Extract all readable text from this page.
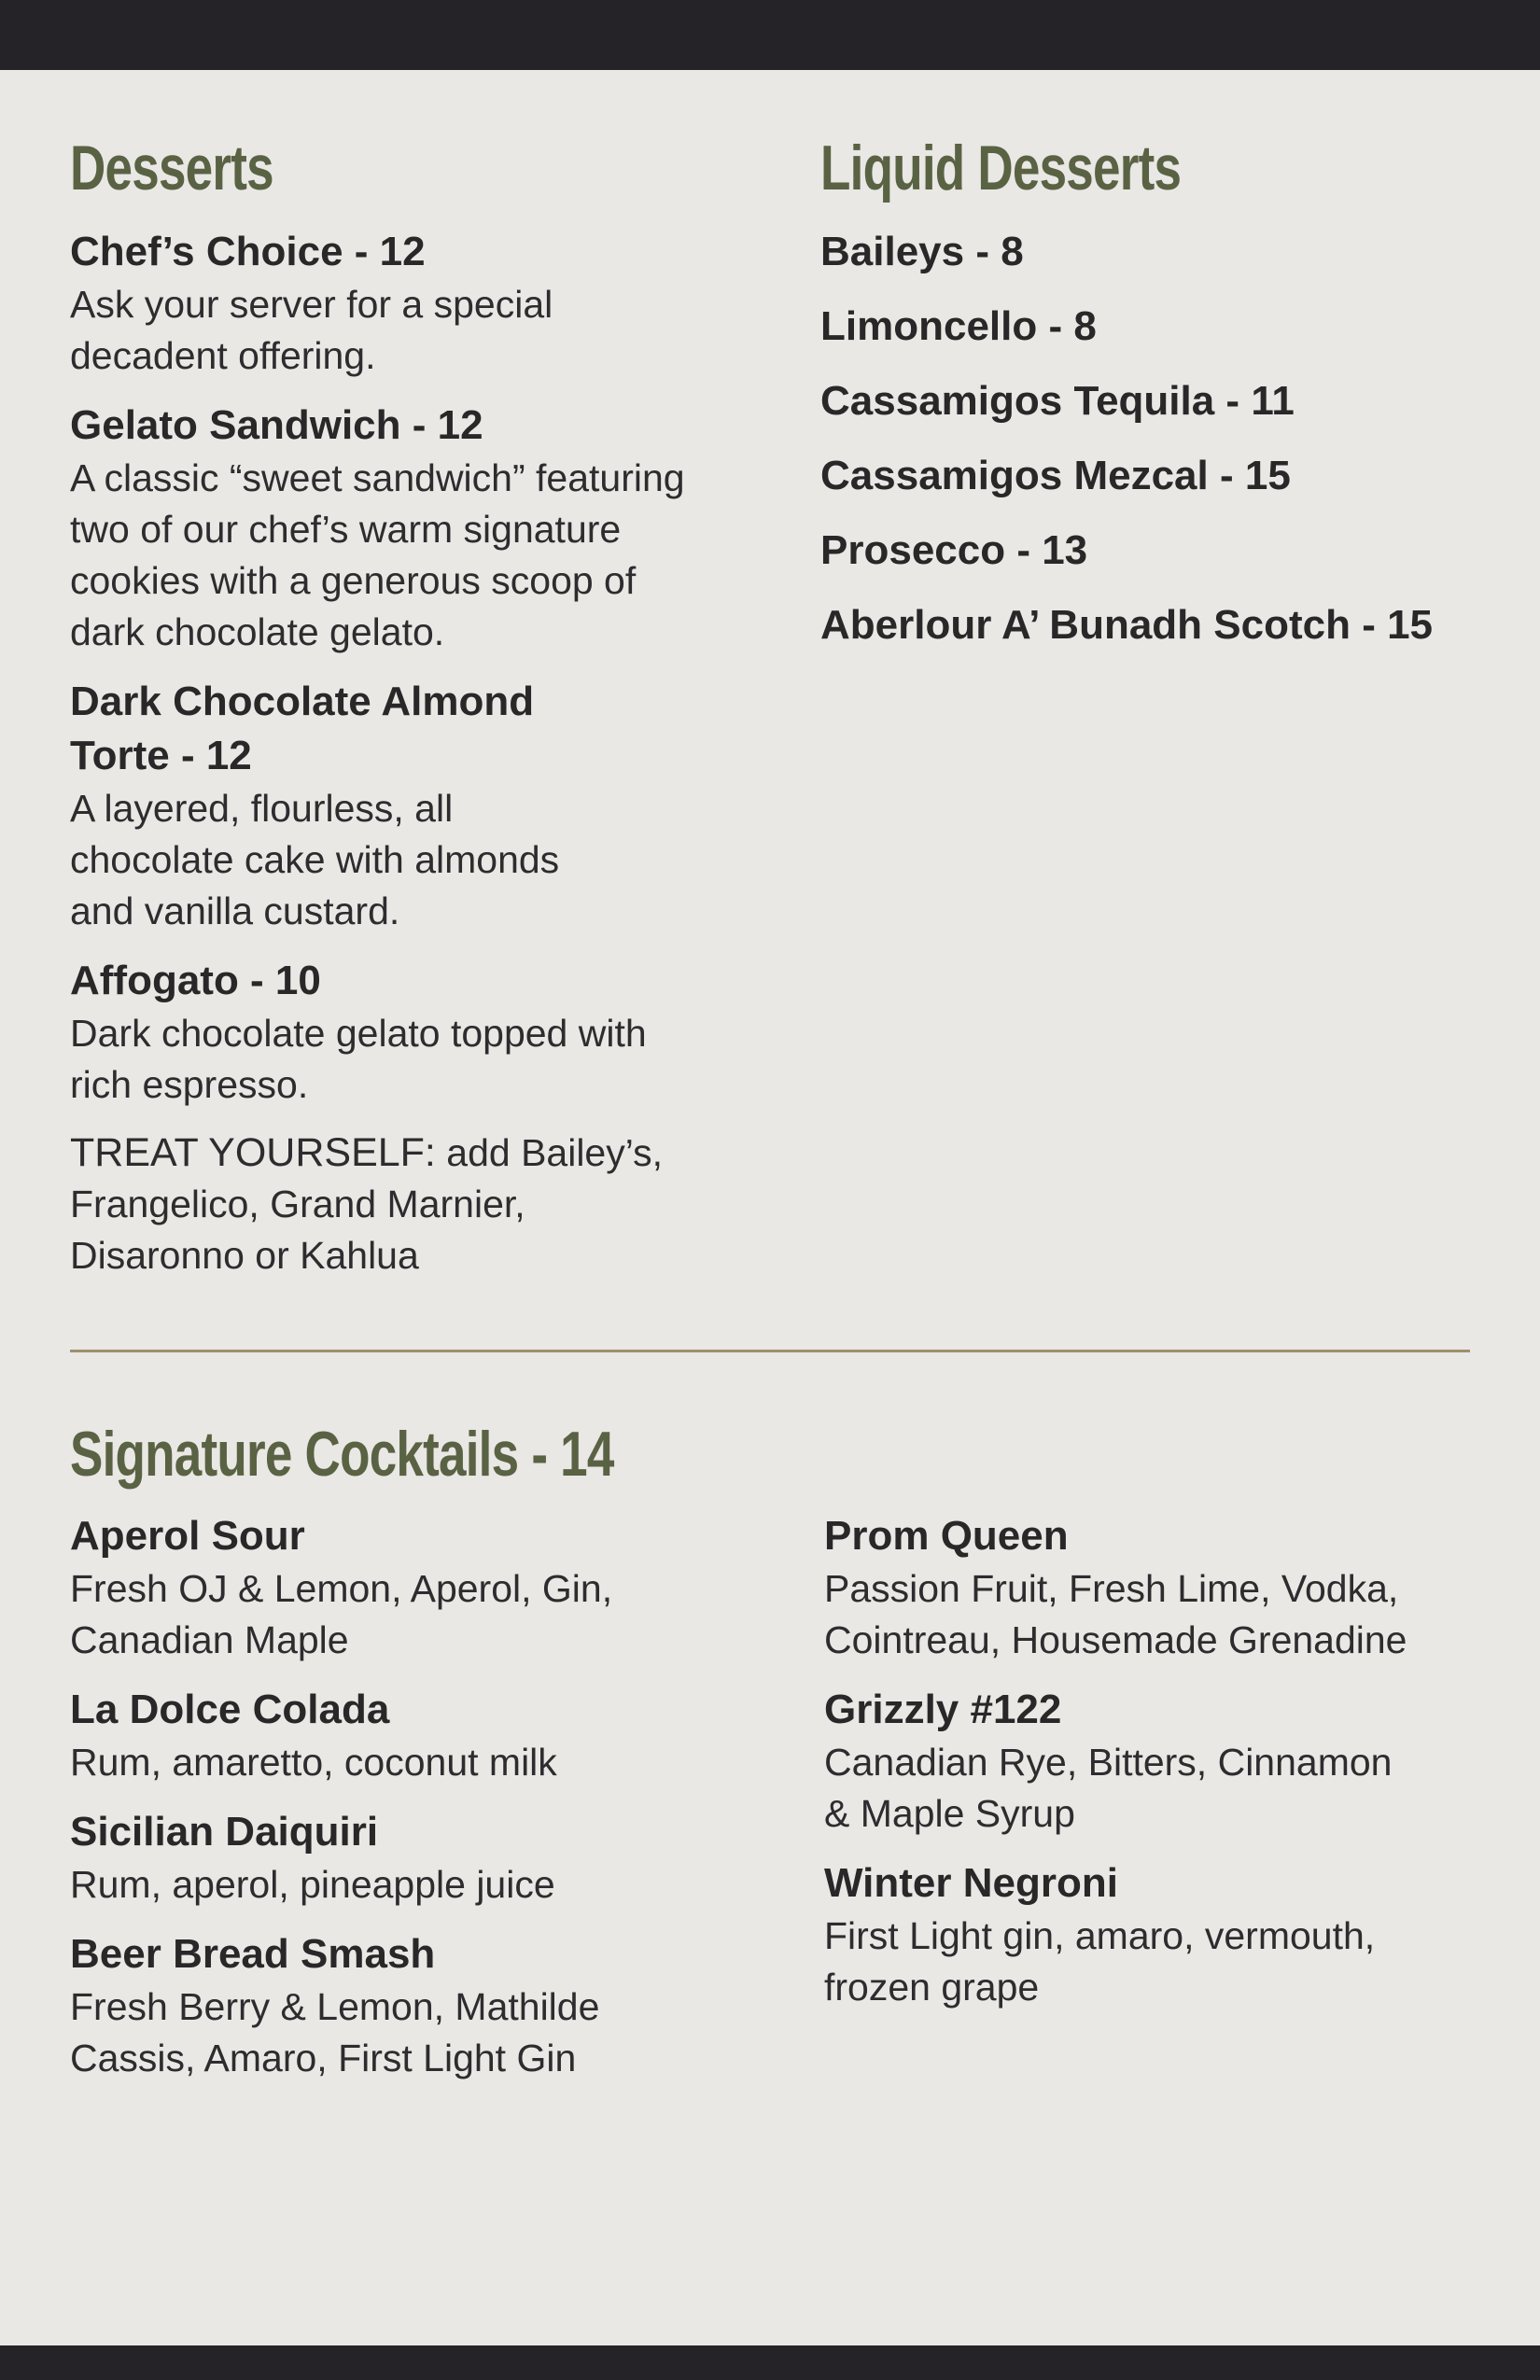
Desserts
Chef’s Choice - 12
Ask your server for a special
decadent offering.
Gelato Sandwich - 12
A classic “sweet sandwich” featuring
two of our chef’s warm signature
cookies with a generous scoop of
dark chocolate gelato.
Dark Chocolate Almond
Torte - 12
A layered, flourless, all
chocolate cake with almonds
and vanilla custard.
Affogato - 10
Dark chocolate gelato topped with
rich espresso.
TREAT YOURSELF: add Bailey’s,
Frangelico, Grand Marnier,
Disaronno or Kahlua
Liquid Desserts
Baileys - 8
Limoncello - 8
Cassamigos Tequila - 11
Cassamigos Mezcal - 15
Prosecco - 13
Aberlour A’ Bunadh Scotch - 15
Signature Cocktails - 14
Aperol Sour
Fresh OJ & Lemon, Aperol, Gin,
Canadian Maple
La Dolce Colada
Rum, amaretto, coconut milk
Sicilian Daiquiri
Rum, aperol, pineapple juice
Beer Bread Smash
Fresh Berry & Lemon, Mathilde
Cassis, Amaro, First Light Gin
Prom Queen
Passion Fruit, Fresh Lime, Vodka,
Cointreau, Housemade Grenadine
Grizzly #122
Canadian Rye, Bitters, Cinnamon
& Maple Syrup
Winter Negroni
First Light gin, amaro, vermouth,
frozen grape
